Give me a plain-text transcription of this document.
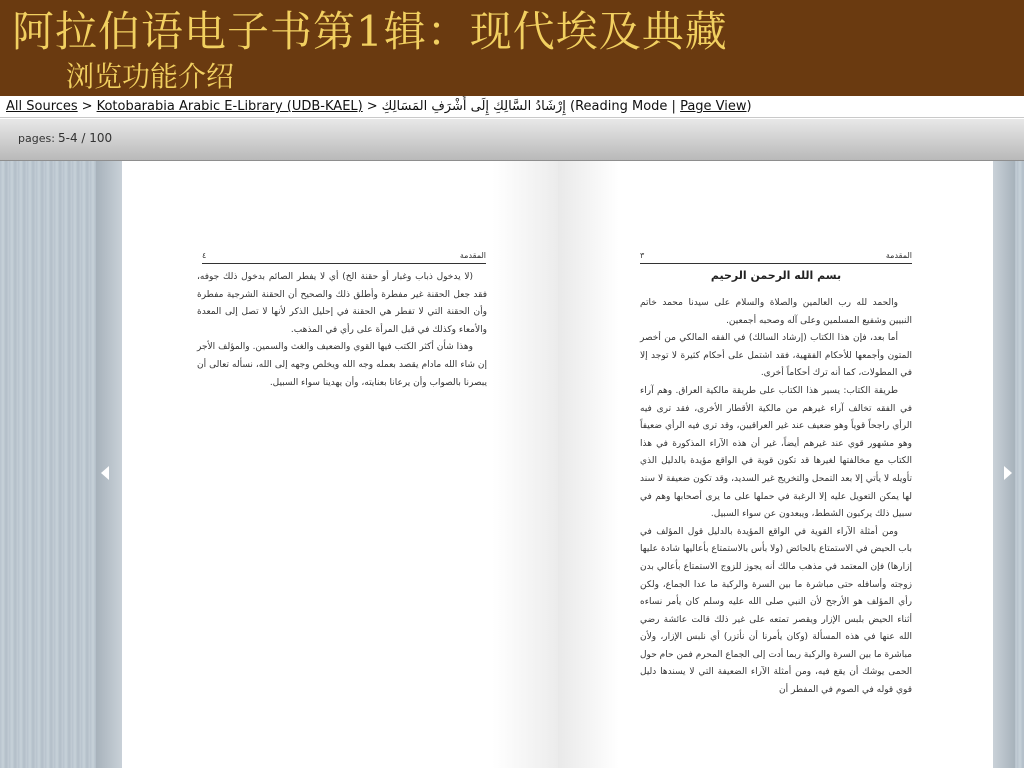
阿拉伯语电子书第1辑：现代埃及典藏
浏览功能介绍
All Sources > Kotobarabia Arabic E-Library (UDB-KAEL) > إِرْشَادُ السَّالِكِ إِلَى أَشْرَفِ المَسَالِكِ (Reading Mode | Page View)
pages: 5-4 / 100
المقدمة
٤

(لا يدخول ذباب وغبار أو حقنة الخ) أي لا يفطر الصائم بدخول ذلك جوفه، فقد جعل الحقنة غير مفطرة وأطلق ذلك والصحيح أن الحقنة الشرجية مفطرة وأن الحقنة التي لا تفطر هي الحقنة في إحليل الذكر لأنها لا تصل إلى المعدة والأمعاء وكذلك في قبل المرأة على رأي في المذهب.

وهذا شأن أكثر الكتب فيها القوي والضعيف والغث والسمين. والمؤلف الأجر إن شاء الله مادام يقصد بعمله وجه الله ويخلص وجهه إلى الله، نسأله تعالى أن يبصرنا بالصواب وأن يرعانا بعنايته، وأن يهدينا سواء السبيل.

المقدمة
٣
بسم الله الرحمن الرحيم

والحمد لله رب العالمين والصلاة والسلام على سيدنا محمد خاتم النبيين وشفيع المسلمين وعلى آله وصحبه أجمعين.

أما بعد، فإن هذا الكتاب (إرشاد السالك) في الفقه المالكي من أخصر المتون وأجمعها للأحكام الفقهية، فقد اشتمل على أحكام كثيرة لا توجد إلا في المطولات، كما أنه ترك أحكاماً أخرى.

طريقة الكتاب: يسير هذا الكتاب على طريقة مالكية العراق. وهم آراء في الفقه تخالف آراء غيرهم من مالكية الأقطار الأخرى، فقد ترى فيه الرأي راجحاً قوياً وهو ضعيف عند غير العراقيين، وقد ترى فيه الرأي ضعيفاً وهو مشهور قوي عند غيرهم أيضاً، غير أن هذه الآراء المذكورة في هذا الكتاب مع مخالفتها لغيرها قد تكون قوية في الواقع مؤيدة بالدليل الذي تأويله لا يأتي إلا بعد التمحل والتخريج غير السديد، وقد تكون ضعيفة لا سند لها يمكن التعويل عليه إلا الرغبة في حملها على ما يرى أصحابها وهم في سبيل ذلك يركبون الشطط، ويبعدون عن سواء السبيل.

ومن أمثلة الآراء القوية في الواقع المؤيدة بالدليل قول المؤلف في باب الحيض في الاستمتاع بالحائض (ولا بأس بالاستمتاع بأعاليها شادة عليها إزارها) فإن المعتمد في مذهب مالك أنه يجوز للزوج الاستمتاع بأعالي بدن زوجته وأسافله حتى مباشرة ما بين السرة والركبة ما عدا الجماع، ولكن رأي المؤلف هو الأرجح لأن النبي صلى الله عليه وسلم كان يأمر نساءه أثناء الحيض بلبس الإزار ويقصر تمتعه على غير ذلك قالت عائشة رضي الله عنها في هذه المسألة (وكان يأمرنا أن نأتزر) أي نلبس الإزار، ولأن مباشرة ما بين السرة والركبة ربما أدت إلى الجماع المحرم فمن حام حول الحمى يوشك أن يقع فيه، ومن أمثلة الآراء الضعيفة التي لا يسندها دليل قوي قوله في الصوم في المفطر أن
